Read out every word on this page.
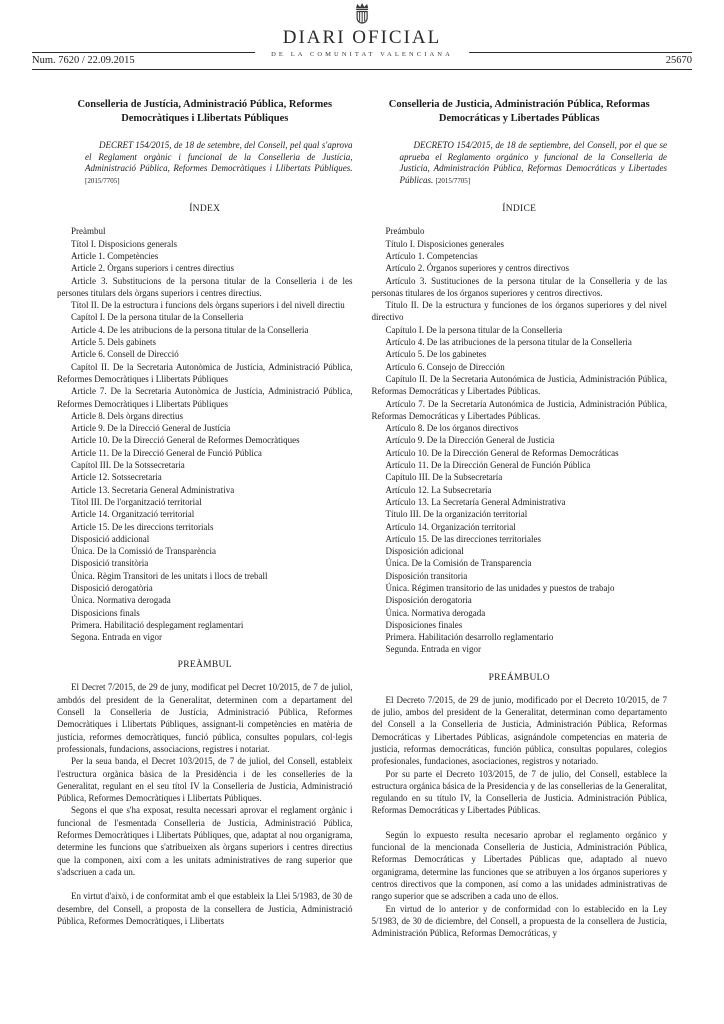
Num. 7620 / 22.09.2015	25670
DIARI OFICIAL
DE LA COMUNITAT VALENCIANA
Conselleria de Justícia, Administració Pública, Reformes Democràtiques i Llibertats Públiques

DECRET 154/2015, de 18 de setembre, del Consell, pel qual s'aprova el Reglament orgànic i funcional de la Conselleria de Justícia, Administració Pública, Reformes Democràtiques i Llibertats Públiques. [2015/7705]

ÍNDEX

Preàmbul

Títol I. Disposicions generals

Article 1. Competències

Article 2. Òrgans superiors i centres directius

Article 3. Substitucions de la persona titular de la Conselleria i de les persones titulars dels òrgans superiors i centres directius.

Títol II. De la estructura i funcions dels òrgans superiors i del nivell directiu

Capítol I. De la persona titular de la Conselleria

Article 4. De les atribucions de la persona titular de la Conselleria

Article 5. Dels gabinets

Article 6. Consell de Direcció

Capítol II. De la Secretaria Autonòmica de Justícia, Administració Pública, Reformes Democràtiques i Llibertats Públiques

Article 7. De la Secretaria Autonòmica de Justícia, Administració Pública, Reformes Democràtiques i Llibertats Públiques

Article 8. Dels òrgans directius

Article 9. De la Direcció General de Justícia

Article 10. De la Direcció General de Reformes Democràtiques

Article 11. De la Direcció General de Funció Pública

Capítol III. De la Sotssecretaria

Article 12. Sotssecretaria

Article 13. Secretaria General Administrativa

Títol III. De l'organització territorial

Article 14. Organització territorial

Article 15. De les direccions territorials

Disposició addicional

Única. De la Comissió de Transparència

Disposició transitòria

Única. Règim Transitori de les unitats i llocs de treball

Disposició derogatòria

Única. Normativa derogada

Disposicions finals

Primera. Habilitació desplegament reglamentari

Segona. Entrada en vigor

PREÀMBUL

El Decret 7/2015, de 29 de juny, modificat pel Decret 10/2015, de 7 de juliol, ambdós del president de la Generalitat, determinen com a departament del Consell la Conselleria de Justícia, Administració Pública, Reformes Democràtiques i Llibertats Públiques, assignant-li competències en matèria de justícia, reformes democràtiques, funció pública, consultes populars, col·legis professionals, fundacions, associacions, registres i notariat.

Per la seua banda, el Decret 103/2015, de 7 de juliol, del Consell, estableix l'estructura orgànica bàsica de la Presidència i de les conselleries de la Generalitat, regulant en el seu títol IV la Conselleria de Justícia, Administració Pública, Reformes Democràtiques i Llibertats Públiques.

Segons el que s'ha exposat, resulta necessari aprovar el reglament orgànic i funcional de l'esmentada Conselleria de Justícia, Administració Pública, Reformes Democràtiques i Llibertats Públiques, que, adaptat al nou organigrama, determine les funcions que s'atribueixen als òrgans superiors i centres directius que la componen, així com a les unitats administratives de rang superior que s'adscriuen a cada un.

En virtut d'això, i de conformitat amb el que estableix la Llei 5/1983, de 30 de desembre, del Consell, a proposta de la consellera de Justícia, Administració Pública, Reformes Democràtiques, i Llibertats

Conselleria de Justicia, Administración Pública, Reformas Democráticas y Libertades Públicas

DECRETO 154/2015, de 18 de septiembre, del Consell, por el que se aprueba el Reglamento orgánico y funcional de la Conselleria de Justicia, Administración Pública, Reformas Democráticas y Libertades Públicas. [2015/7705]

ÍNDICE

Preámbulo

Título I. Disposiciones generales

Artículo 1. Competencias

Artículo 2. Órganos superiores y centros directivos

Artículo 3. Sustituciones de la persona titular de la Conselleria y de las personas titulares de los órganos superiores y centros directivos.

Título II. De la estructura y funciones de los órganos superiores y del nivel directivo

Capítulo I. De la persona titular de la Conselleria

Artículo 4. De las atribuciones de la persona titular de la Conselleria

Artículo 5. De los gabinetes

Artículo 6. Consejo de Dirección

Capítulo II. De la Secretaria Autonómica de Justicia, Administración Pública, Reformas Democráticas y Libertades Públicas.

Artículo 7. De la Secretaría Autonómica de Justicia, Administración Pública, Reformas Democráticas y Libertades Públicas.

Artículo 8. De los órganos directivos

Artículo 9. De la Dirección General de Justicia

Artículo 10. De la Dirección General de Reformas Democráticas

Artículo 11. De la Dirección General de Función Pública

Capítulo III. De la Subsecretaría

Artículo 12. La Subsecretaría

Artículo 13. La Secretaría General Administrativa

Título III. De la organización territorial

Artículo 14. Organización territorial

Artículo 15. De las direcciones territoriales

Disposición adicional

Única. De la Comisión de Transparencia

Disposición transitoria

Única. Régimen transitorio de las unidades y puestos de trabajo

Disposición derogatoria

Única. Normativa derogada

Disposiciones finales

Primera. Habilitación desarrollo reglamentario

Segunda. Entrada en vigor

PREÁMBULO

El Decreto 7/2015, de 29 de junio, modificado por el Decreto 10/2015, de 7 de julio, ambos del president de la Generalitat, determinan como departamento del Consell a la Conselleria de Justicia, Administración Pública, Reformas Democráticas y Libertades Públicas, asignándole competencias en materia de justicia, reformas democráticas, función pública, consultas populares, colegios profesionales, fundaciones, asociaciones, registros y notariado.

Por su parte el Decreto 103/2015, de 7 de julio, del Consell, establece la estructura orgánica básica de la Presidencia y de las consellerias de la Generalitat, regulando en su título IV, la Conselleria de Justicia. Administración Pública, Reformas Democráticas y Libertades Públicas.

Según lo expuesto resulta necesario aprobar el reglamento orgánico y funcional de la mencionada Conselleria de Justicia, Administración Pública, Reformas Democráticas y Libertades Públicas que, adaptado al nuevo organigrama, determine las funciones que se atribuyen a los órganos superiores y centros directivos que la componen, así como a las unidades administrativas de rango superior que se adscriben a cada uno de ellos.

En virtud de lo anterior y de conformidad con lo establecido en la Ley 5/1983, de 30 de diciembre, del Consell, a propuesta de la consellera de Justicia, Administración Pública, Reformas Democráticas, y
